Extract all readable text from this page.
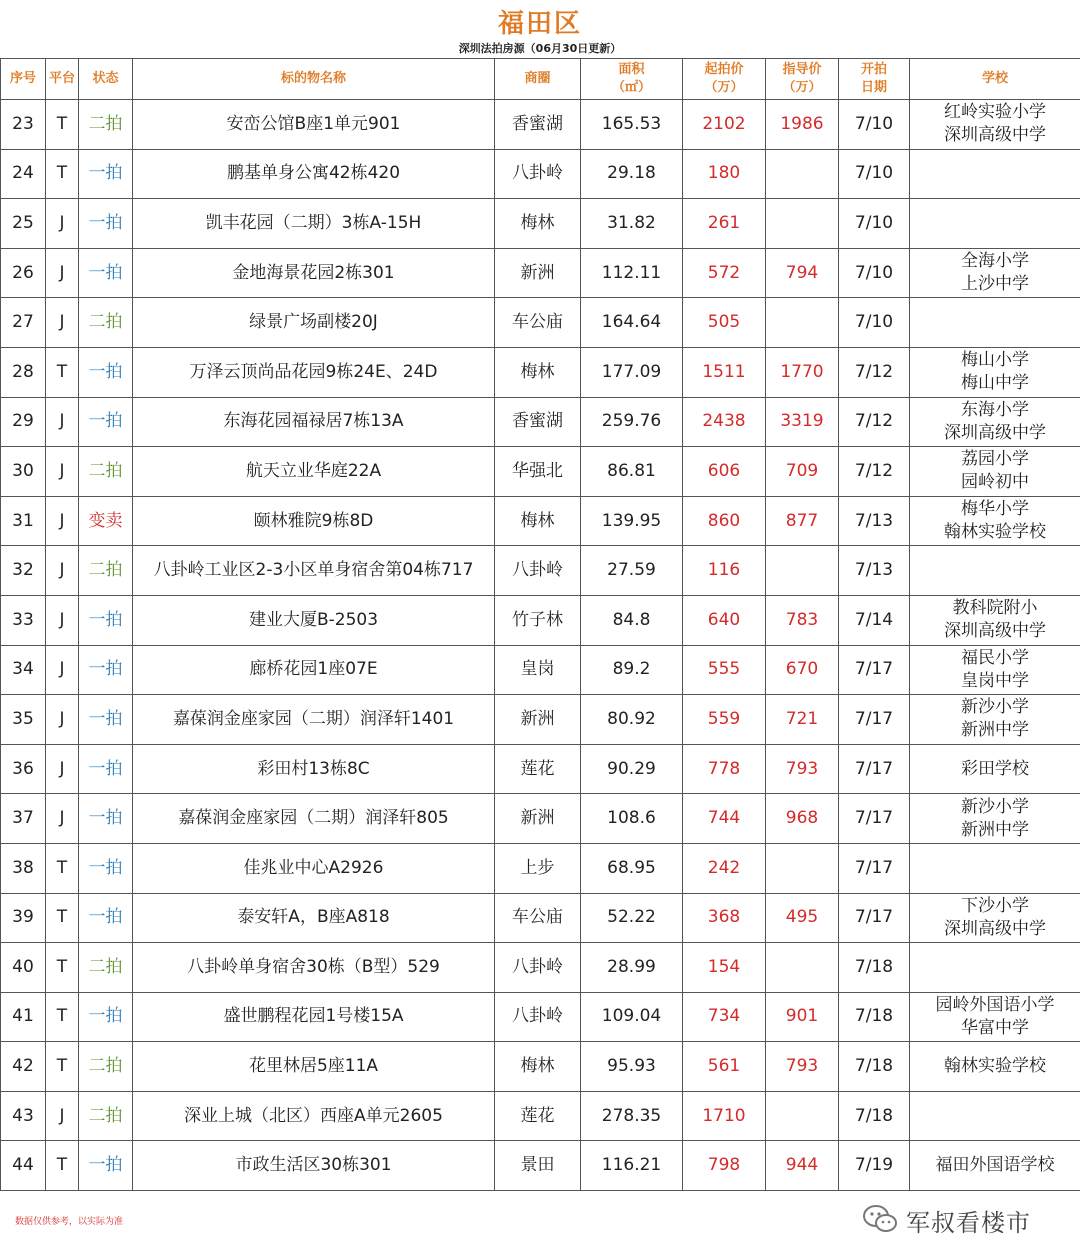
福田区
深圳法拍房源（06月30日更新）
序号	平台	状态	标的物名称	商圈	面积
（㎡）	起拍价
（万）	指导价
（万）	开拍
日期	学校
23	T	二拍	安峦公馆B座1单元901	香蜜湖	165.53	2102	1986	7/10	红岭实验小学
深圳高级中学
24	T	一拍	鹏基单身公寓42栋420	八卦岭	29.18	180		7/10	
25	J	一拍	凯丰花园（二期）3栋A-15H	梅林	31.82	261		7/10	
26	J	一拍	金地海景花园2栋301	新洲	112.11	572	794	7/10	全海小学
上沙中学
27	J	二拍	绿景广场副楼20J	车公庙	164.64	505		7/10	
28	T	一拍	万泽云顶尚品花园9栋24E、24D	梅林	177.09	1511	1770	7/12	梅山小学
梅山中学
29	J	一拍	东海花园福禄居7栋13A	香蜜湖	259.76	2438	3319	7/12	东海小学
深圳高级中学
30	J	二拍	航天立业华庭22A	华强北	86.81	606	709	7/12	荔园小学
园岭初中
31	J	变卖	颐林雅院9栋8D	梅林	139.95	860	877	7/13	梅华小学
翰林实验学校
32	J	二拍	八卦岭工业区2-3小区单身宿舍第04栋717	八卦岭	27.59	116		7/13	
33	J	一拍	建业大厦B-2503	竹子林	84.8	640	783	7/14	教科院附小
深圳高级中学
34	J	一拍	廊桥花园1座07E	皇岗	89.2	555	670	7/17	福民小学
皇岗中学
35	J	一拍	嘉葆润金座家园（二期）润泽轩1401	新洲	80.92	559	721	7/17	新沙小学
新洲中学
36	J	一拍	彩田村13栋8C	莲花	90.29	778	793	7/17	彩田学校
37	J	一拍	嘉葆润金座家园（二期）润泽轩805	新洲	108.6	744	968	7/17	新沙小学
新洲中学
38	T	一拍	佳兆业中心A2926	上步	68.95	242		7/17	
39	T	一拍	泰安轩A，B座A818	车公庙	52.22	368	495	7/17	下沙小学
深圳高级中学
40	T	二拍	八卦岭单身宿舍30栋（B型）529	八卦岭	28.99	154		7/18	
41	T	一拍	盛世鹏程花园1号楼15A	八卦岭	109.04	734	901	7/18	园岭外国语小学
华富中学
42	T	二拍	花里林居5座11A	梅林	95.93	561	793	7/18	翰林实验学校
43	J	二拍	深业上城（北区）西座A单元2605	莲花	278.35	1710		7/18	
44	T	一拍	市政生活区30栋301	景田	116.21	798	944	7/19	福田外国语学校
数据仅供参考，以实际为准	军叔看楼市
